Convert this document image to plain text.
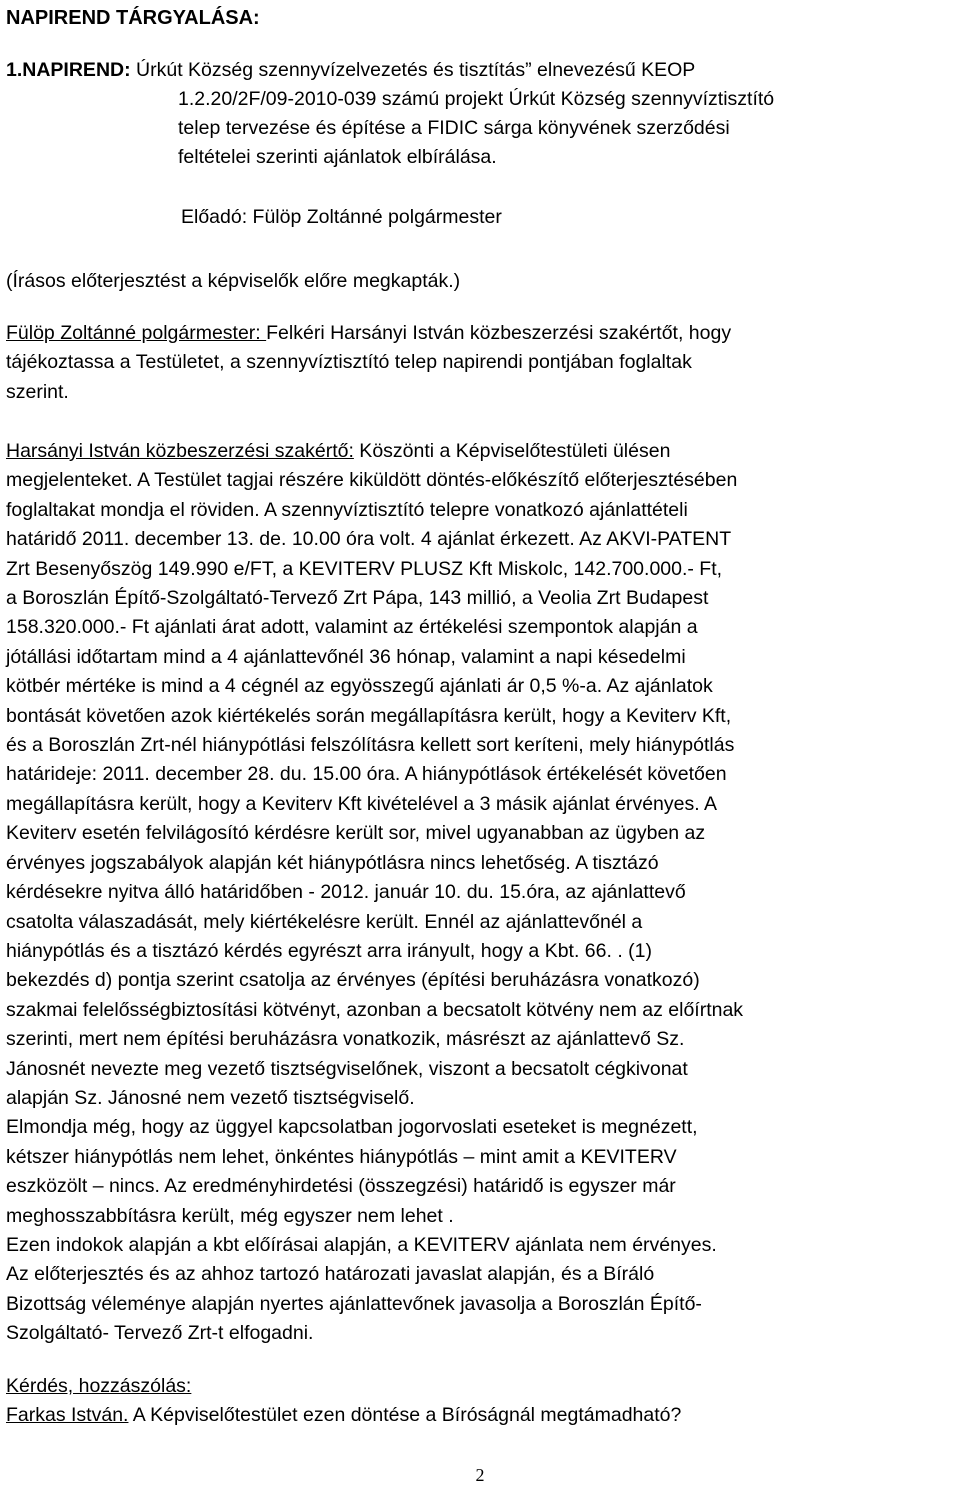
NAPIREND TÁRGYALÁSA:
1.NAPIREND: Úrkút Község szennyvízelvezetés és tisztítás” elnevezésű KEOP
1.2.20/2F/09-2010-039 számú projekt Úrkút Község szennyvíztisztító
telep tervezése és építése a FIDIC sárga könyvének szerződési
feltételei szerinti ajánlatok elbírálása.
Előadó: Fülöp Zoltánné polgármester
(Írásos előterjesztést a képviselők előre megkapták.)

Fülöp Zoltánné polgármester: Felkéri Harsányi István közbeszerzési szakértőt, hogy
tájékoztassa a Testületet, a szennyvíztisztító telep napirendi pontjában foglaltak
szerint.

Harsányi István közbeszerzési szakértő: Köszönti a Képviselőtestületi ülésen
megjelenteket. A Testület tagjai részére kiküldött döntés-előkészítő előterjesztésében
foglaltakat mondja el röviden. A szennyvíztisztító telepre vonatkozó ajánlattételi
határidő 2011. december 13. de. 10.00 óra volt. 4 ajánlat érkezett. Az AKVI-PATENT
Zrt Besenyőszög 149.990 e/FT, a KEVITERV PLUSZ Kft Miskolc, 142.700.000.- Ft,
a Boroszlán Építő-Szolgáltató-Tervező Zrt Pápa, 143 millió, a Veolia Zrt Budapest
158.320.000.- Ft ajánlati árat adott, valamint az értékelési szempontok alapján a
jótállási időtartam mind a 4 ajánlattevőnél 36 hónap, valamint a napi késedelmi
kötbér mértéke is mind a 4 cégnél az egyösszegű ajánlati ár 0,5 %-a. Az ajánlatok
bontását követően azok kiértékelés során megállapításra került, hogy a Keviterv Kft,
és a Boroszlán Zrt-nél hiánypótlási felszólításra kellett sort keríteni, mely hiánypótlás
határideje: 2011. december 28. du. 15.00 óra. A hiánypótlások értékelését követően
megállapításra került, hogy a Keviterv Kft kivételével a 3 másik ajánlat érvényes. A
Keviterv esetén felvilágosító kérdésre került sor, mivel ugyanabban az ügyben az
érvényes jogszabályok alapján két hiánypótlásra nincs lehetőség. A tisztázó
kérdésekre nyitva álló határidőben - 2012. január 10. du. 15.óra, az ajánlattevő
csatolta válaszadását, mely kiértékelésre került. Ennél az ajánlattevőnél a
hiánypótlás és a tisztázó kérdés egyrészt arra irányult, hogy a Kbt. 66. . (1)
bekezdés d) pontja szerint csatolja az érvényes (építési beruházásra vonatkozó)
szakmai felelősségbiztosítási kötvényt, azonban a becsatolt kötvény nem az előírtnak
szerinti, mert nem építési beruházásra vonatkozik, másrészt az ajánlattevő Sz.
Jánosnét nevezte meg vezető tisztségviselőnek, viszont a becsatolt cégkivonat
alapján Sz. Jánosné nem vezető tisztségviselő.
Elmondja még, hogy az üggyel kapcsolatban jogorvoslati eseteket is megnézett,
kétszer hiánypótlás nem lehet, önkéntes hiánypótlás – mint amit a KEVITERV
eszközölt – nincs. Az eredményhirdetési (összegzési) határidő is egyszer már
meghosszabbításra került, még egyszer nem lehet .
Ezen indokok alapján a kbt előírásai alapján, a KEVITERV ajánlata nem érvényes.
Az előterjesztés és az ahhoz tartozó határozati javaslat alapján, és a Bíráló
Bizottság véleménye alapján nyertes ajánlattevőnek javasolja a Boroszlán Építő-
Szolgáltató- Tervező Zrt-t elfogadni.

Kérdés, hozzászólás:

Farkas István. A Képviselőtestület ezen döntése a Bíróságnál megtámadható?

2
